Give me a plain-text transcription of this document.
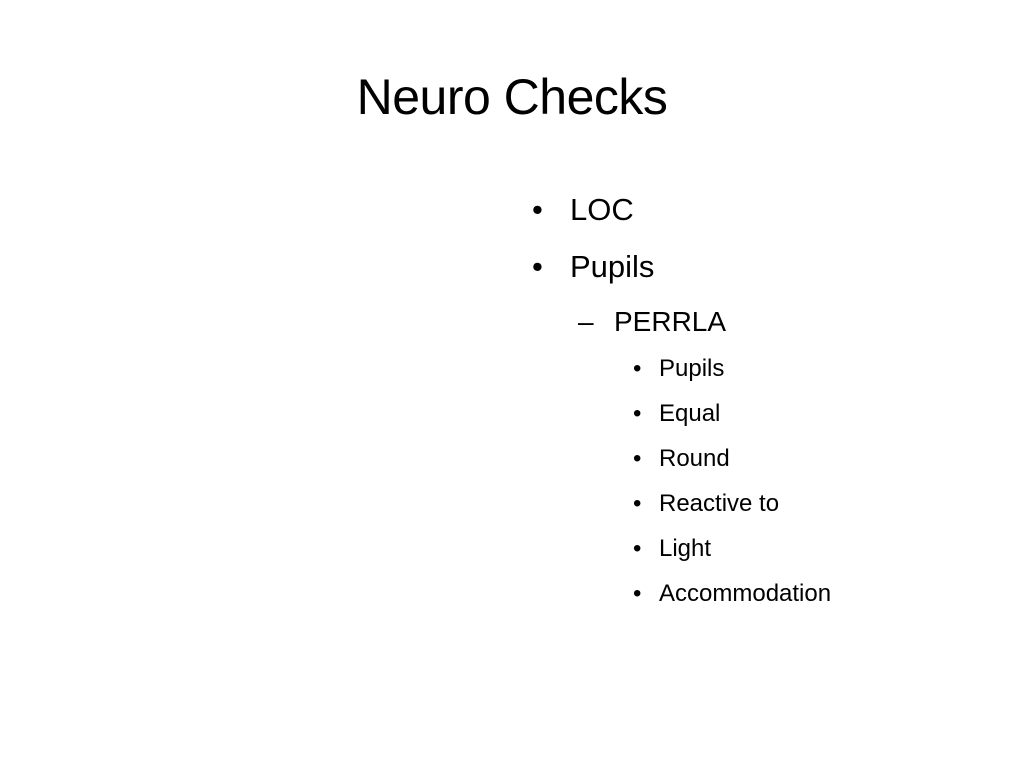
Neuro Checks
• LOC
• Pupils
– PERRLA
• Pupils
• Equal
• Round
• Reactive to
• Light
• Accommodation
